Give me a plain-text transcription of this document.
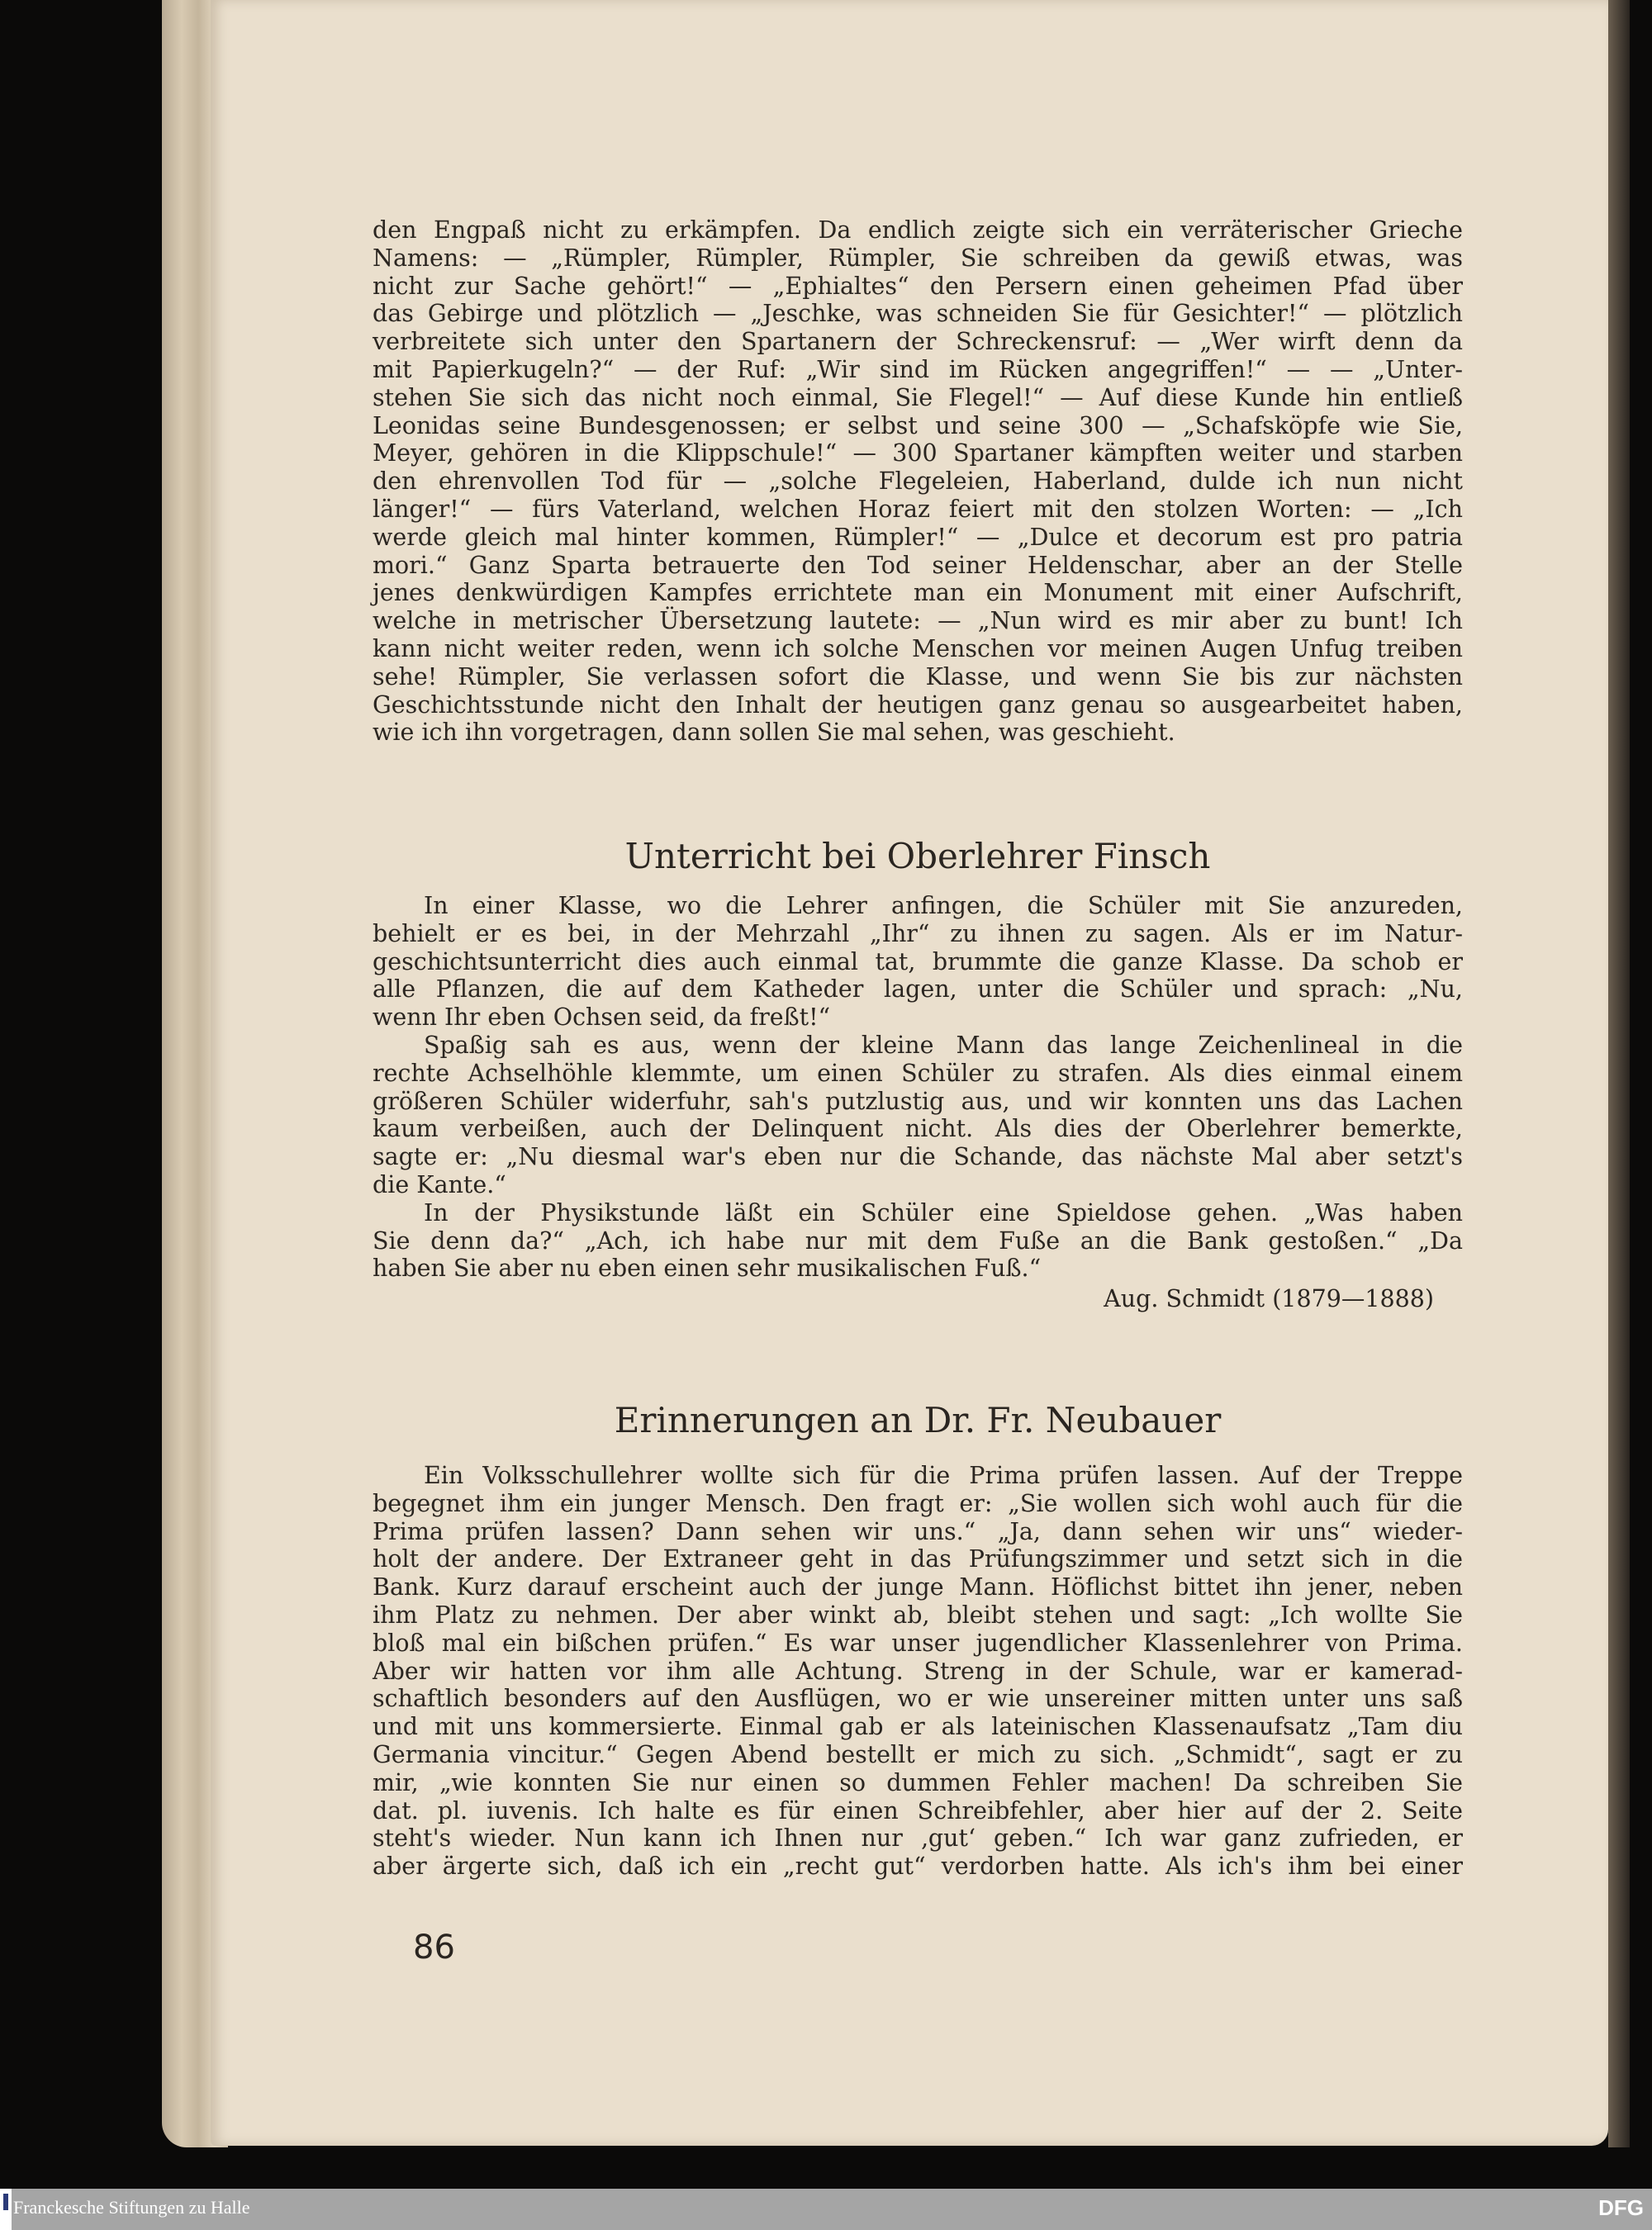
den Engpaß nicht zu erkämpfen. Da endlich zeigte sich ein verräterischer Grieche
Namens: — „Rümpler, Rümpler, Rümpler, Sie schreiben da gewiß etwas, was
nicht zur Sache gehört!“ — „Ephialtes“ den Persern einen geheimen Pfad über
das Gebirge und plötzlich — „Jeschke, was schneiden Sie für Gesichter!“ — plötzlich
verbreitete sich unter den Spartanern der Schreckensruf: — „Wer wirft denn da
mit Papierkugeln?“ — der Ruf: „Wir sind im Rücken angegriffen!“ — — „Unter-
stehen Sie sich das nicht noch einmal, Sie Flegel!“ — Auf diese Kunde hin entließ
Leonidas seine Bundesgenossen; er selbst und seine 300 — „Schafsköpfe wie Sie,
Meyer, gehören in die Klippschule!“ — 300 Spartaner kämpften weiter und starben
den ehrenvollen Tod für — „solche Flegeleien, Haberland, dulde ich nun nicht
länger!“ — fürs Vaterland, welchen Horaz feiert mit den stolzen Worten: — „Ich
werde gleich mal hinter kommen, Rümpler!“ — „Dulce et decorum est pro patria
mori.“ Ganz Sparta betrauerte den Tod seiner Heldenschar, aber an der Stelle
jenes denkwürdigen Kampfes errichtete man ein Monument mit einer Aufschrift,
welche in metrischer Übersetzung lautete: — „Nun wird es mir aber zu bunt! Ich
kann nicht weiter reden, wenn ich solche Menschen vor meinen Augen Unfug treiben
sehe! Rümpler, Sie verlassen sofort die Klasse, und wenn Sie bis zur nächsten
Geschichtsstunde nicht den Inhalt der heutigen ganz genau so ausgearbeitet haben,
wie ich ihn vorgetragen, dann sollen Sie mal sehen, was geschieht.
Unterricht bei Oberlehrer Finsch
In einer Klasse, wo die Lehrer anfingen, die Schüler mit Sie anzureden,
behielt er es bei, in der Mehrzahl „Ihr“ zu ihnen zu sagen. Als er im Natur-
geschichtsunterricht dies auch einmal tat, brummte die ganze Klasse. Da schob er
alle Pflanzen, die auf dem Katheder lagen, unter die Schüler und sprach: „Nu,
wenn Ihr eben Ochsen seid, da freßt!“
Spaßig sah es aus, wenn der kleine Mann das lange Zeichenlineal in die
rechte Achselhöhle klemmte, um einen Schüler zu strafen. Als dies einmal einem
größeren Schüler widerfuhr, sah's putzlustig aus, und wir konnten uns das Lachen
kaum verbeißen, auch der Delinquent nicht. Als dies der Oberlehrer bemerkte,
sagte er: „Nu diesmal war's eben nur die Schande, das nächste Mal aber setzt's
die Kante.“
In der Physikstunde läßt ein Schüler eine Spieldose gehen. „Was haben
Sie denn da?“ „Ach, ich habe nur mit dem Fuße an die Bank gestoßen.“ „Da
haben Sie aber nu eben einen sehr musikalischen Fuß.“
Aug. Schmidt (1879—1888)
Erinnerungen an Dr. Fr. Neubauer
Ein Volksschullehrer wollte sich für die Prima prüfen lassen. Auf der Treppe
begegnet ihm ein junger Mensch. Den fragt er: „Sie wollen sich wohl auch für die
Prima prüfen lassen? Dann sehen wir uns.“ „Ja, dann sehen wir uns“ wieder-
holt der andere. Der Extraneer geht in das Prüfungszimmer und setzt sich in die
Bank. Kurz darauf erscheint auch der junge Mann. Höflichst bittet ihn jener, neben
ihm Platz zu nehmen. Der aber winkt ab, bleibt stehen und sagt: „Ich wollte Sie
bloß mal ein bißchen prüfen.“ Es war unser jugendlicher Klassenlehrer von Prima.
Aber wir hatten vor ihm alle Achtung. Streng in der Schule, war er kamerad-
schaftlich besonders auf den Ausflügen, wo er wie unsereiner mitten unter uns saß
und mit uns kommersierte. Einmal gab er als lateinischen Klassenaufsatz „Tam diu
Germania vincitur.“ Gegen Abend bestellt er mich zu sich. „Schmidt“, sagt er zu
mir, „wie konnten Sie nur einen so dummen Fehler machen! Da schreiben Sie
dat. pl. iuvenis. Ich halte es für einen Schreibfehler, aber hier auf der 2. Seite
steht's wieder. Nun kann ich Ihnen nur ‚gut‘ geben.“ Ich war ganz zufrieden, er
aber ärgerte sich, daß ich ein „recht gut“ verdorben hatte. Als ich's ihm bei einer
86
Franckesche Stiftungen zu Halle	DFG
